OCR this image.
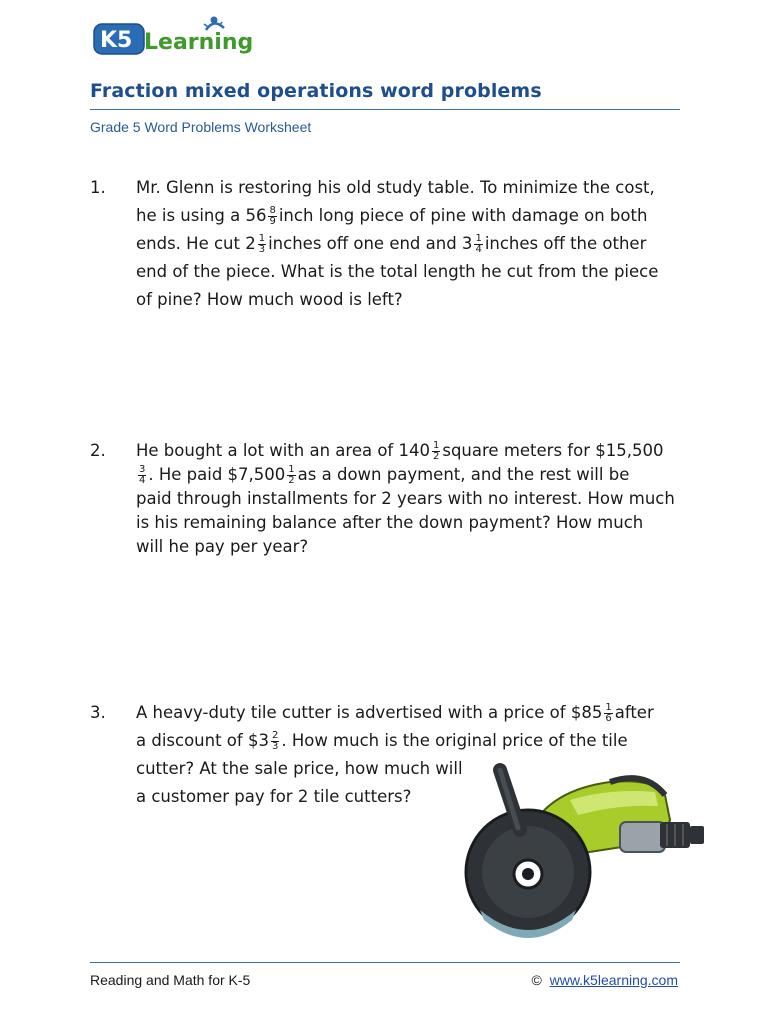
K5 Learning
Fraction mixed operations word problems
Grade 5 Word Problems Worksheet
1. Mr. Glenn is restoring his old study table. To minimize the cost,
he is using a $56 \frac{8}{9}$ inch long piece of pine with damage on both
ends. He cut $2 \frac{1}{3}$ inches off one end and $3 \frac{1}{4}$ inches off the other
end of the piece. What is the total length he cut from the piece
of pine? How much wood is left?
2. He bought a lot with an area of $140 \frac{1}{2}$ square meters for $15,500
$\frac{3}{4}$ . He paid $7,500 $\frac{1}{2}$ as a down payment, and the rest will be
paid through installments for 2 years with no interest. How much
is his remaining balance after the down payment? How much
will he pay per year?
3. A heavy-duty tile cutter is advertised with a price of $85 $\frac{1}{6}$ after
a discount of $3 $\frac{2}{3}$ . How much is the original price of the tile
cutter? At the sale price, how much will
a customer pay for 2 tile cutters?
Reading and Math for K-5	© www.k5learning.com
